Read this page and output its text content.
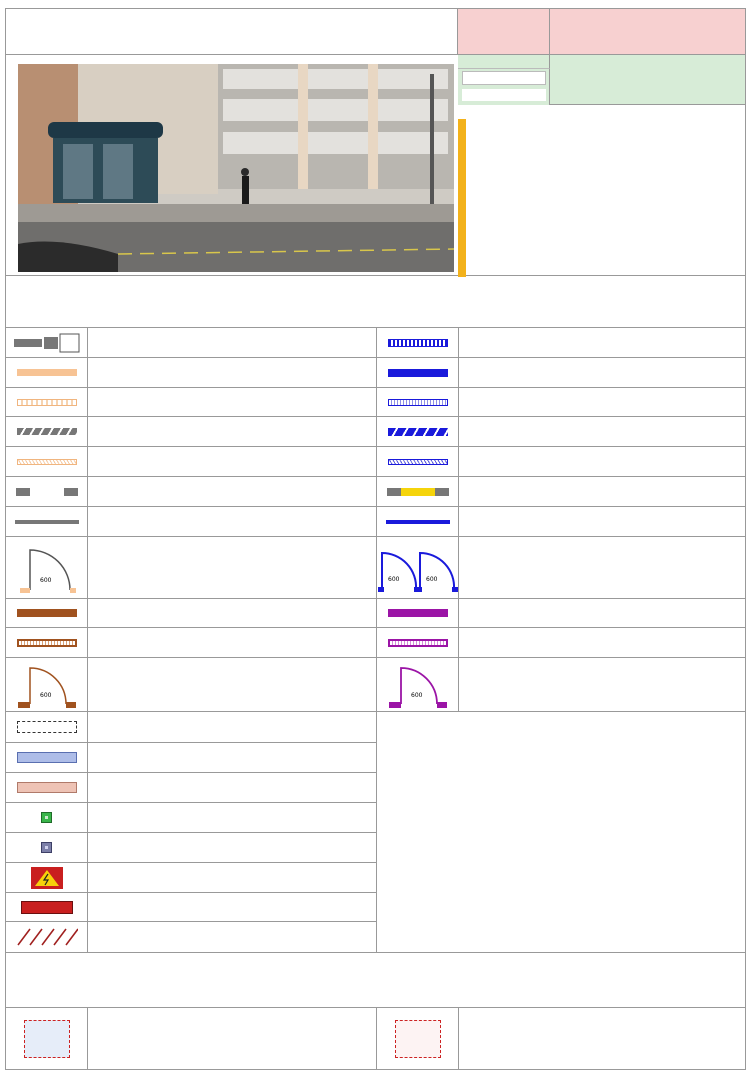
600
600
600	600
600
